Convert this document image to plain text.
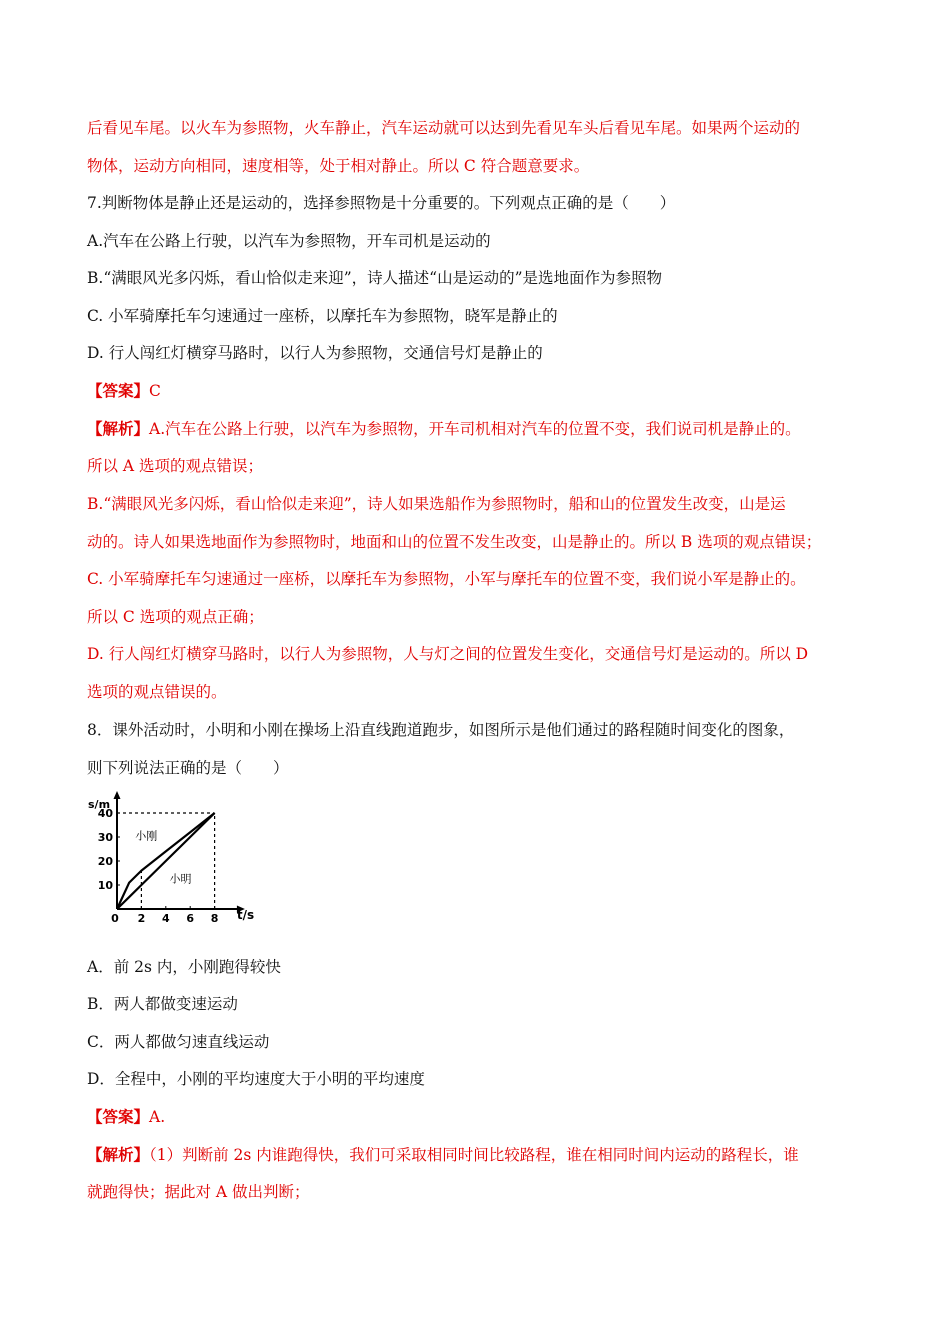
后看见车尾。以火车为参照物，火车静止，汽车运动就可以达到先看见车头后看见车尾。如果两个运动的
物体，运动方向相同，速度相等，处于相对静止。所以 C 符合题意要求。
7.判断物体是静止还是运动的，选择参照物是十分重要的。下列观点正确的是（　　）
A.汽车在公路上行驶，以汽车为参照物，开车司机是运动的
B.“满眼风光多闪烁，看山恰似走来迎”，诗人描述“山是运动的”是选地面作为参照物
C. 小军骑摩托车匀速通过一座桥，以摩托车为参照物，晓军是静止的
D. 行人闯红灯横穿马路时，以行人为参照物，交通信号灯是静止的
【答案】C
【解析】A.汽车在公路上行驶，以汽车为参照物，开车司机相对汽车的位置不变，我们说司机是静止的。
所以 A 选项的观点错误；
B.“满眼风光多闪烁，看山恰似走来迎”，诗人如果选船作为参照物时，船和山的位置发生改变，山是运
动的。诗人如果选地面作为参照物时，地面和山的位置不发生改变，山是静止的。所以 B 选项的观点错误；
C. 小军骑摩托车匀速通过一座桥，以摩托车为参照物，小军与摩托车的位置不变，我们说小军是静止的。
所以 C 选项的观点正确；
D. 行人闯红灯横穿马路时，以行人为参照物，人与灯之间的位置发生变化，交通信号灯是运动的。所以 D
选项的观点错误的。
8．课外活动时，小明和小刚在操场上沿直线跑道跑步，如图所示是他们通过的路程随时间变化的图象，
则下列说法正确的是（　　）
A．前 2s 内，小刚跑得较快
B．两人都做变速运动
C．两人都做匀速直线运动
D．全程中，小刚的平均速度大于小明的平均速度
【答案】A.
【解析】（1）判断前 2s 内谁跑得快，我们可采取相同时间比较路程，谁在相同时间内运动的路程长，谁
就跑得快；据此对 A 做出判断；
0 2 4 6 8
10
20
30
40
s/m
t/s
小刚
小明
